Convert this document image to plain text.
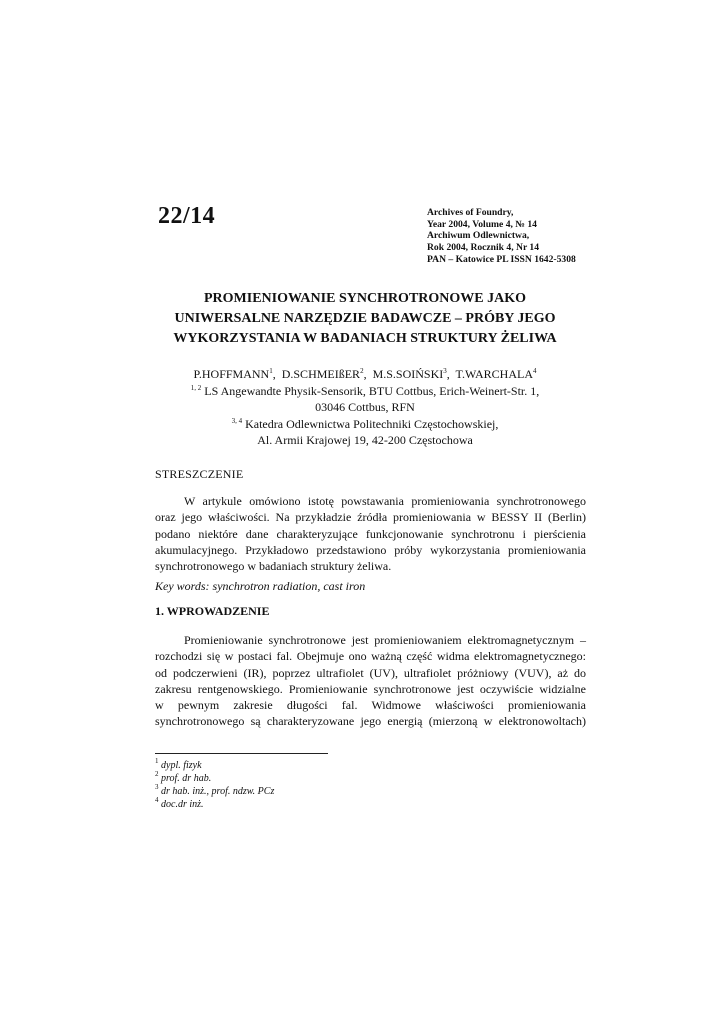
22/14	Archives of Foundry,
Year 2004, Volume 4, № 14
Archiwum Odlewnictwa,
Rok 2004, Rocznik 4, Nr 14
PAN – Katowice PL ISSN 1642-5308
PROMIENIOWANIE SYNCHROTRONOWE JAKO
UNIWERSALNE NARZĘDZIE BADAWCZE – PRÓBY JEGO
WYKORZYSTANIA W BADANIACH STRUKTURY ŻELIWA
P.HOFFMANN$^1$,  D.SCHMEIßER$^2$,  M.S.SOIŃSKI$^3$,  T.WARCHALA$^4$
$^{1, 2}$ LS Angewandte Physik-Sensorik, BTU Cottbus, Erich-Weinert-Str. 1,
03046 Cottbus, RFN
$^{3, 4}$ Katedra Odlewnictwa Politechniki Częstochowskiej,
Al. Armii Krajowej 19, 42-200 Częstochowa
STRESZCZENIE
W artykule omówiono istotę powstawania promieniowania synchrotronowego
oraz jego właściwości. Na przykładzie źródła promieniowania w BESSY II (Berlin)
podano niektóre dane charakteryzujące funkcjonowanie synchrotronu i pierścienia
akumulacyjnego. Przykładowo przedstawiono próby wykorzystania promieniowania
synchrotronowego w badaniach struktury żeliwa.
Key words: synchrotron radiation, cast iron
1. WPROWADZENIE
Promieniowanie synchrotronowe jest promieniowaniem elektromagnetycznym –
rozchodzi się w postaci fal. Obejmuje ono ważną część widma elektromagnetycznego:
od podczerwieni (IR), poprzez ultrafiolet (UV), ultrafiolet próżniowy (VUV), aż do
zakresu rentgenowskiego. Promieniowanie synchrotronowe jest oczywiście widzialne
w pewnym zakresie długości fal. Widmowe właściwości promieniowania
synchrotronowego są charakteryzowane jego energią (mierzoną w elektronowoltach)
$^1$ dypl. fizyk
$^2$ prof. dr hab.
$^3$ dr hab. inż., prof. ndzw. PCz
$^4$ doc.dr inż.
